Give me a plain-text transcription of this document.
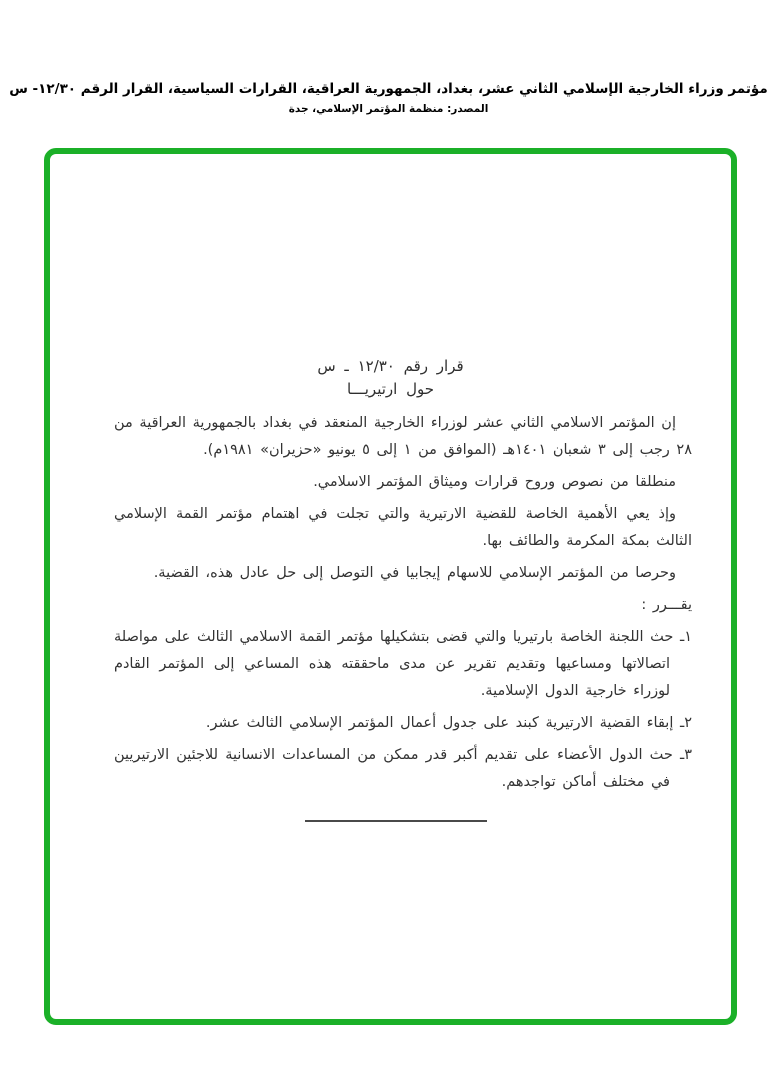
مؤتمر وزراء الخارجية الإسلامي الثاني عشر، بغداد، الجمهورية العراقية، القرارات السياسية، القرار الرقم ١٢/٣٠- س
المصدر: منظمة المؤتمر الإسلامي، جدة
قرار رقم ١٢/٣٠ ـ س
حول ارتيريـــا

إن المؤتمر الاسلامي الثاني عشر لوزراء الخارجية المنعقد في بغداد بالجمهورية العراقية من ٢٨ رجب إلى ٣ شعبان ١٤٠١هـ (الموافق من ١ إلى ٥ يونيو «حزيران» ١٩٨١م).

منطلقا من نصوص وروح قرارات وميثاق المؤتمر الاسلامي.

وإذ يعي الأهمية الخاصة للقضية الارتيرية والتي تجلت في اهتمام مؤتمر القمة الإسلامي الثالث بمكة المكرمة والطائف بها.

وحرصا من المؤتمر الإسلامي للاسهام إيجابيا في التوصل إلى حل عادل هذه، القضية.

يقـــرر :

١ـ حث اللجنة الخاصة بارتيريا والتي قضى بتشكيلها مؤتمر القمة الاسلامي الثالث على مواصلة اتصالاتها ومساعيها وتقديم تقرير عن مدى ماحققته هذه المساعي إلى المؤتمر القادم لوزراء خارجية الدول الإسلامية.

٢ـ إبقاء القضية الارتيرية كبند على جدول أعمال المؤتمر الإسلامي الثالث عشر.

٣ـ حث الدول الأعضاء على تقديم أكبر قدر ممكن من المساعدات الانسانية للاجئين الارتيريين في مختلف أماكن تواجدهم.
